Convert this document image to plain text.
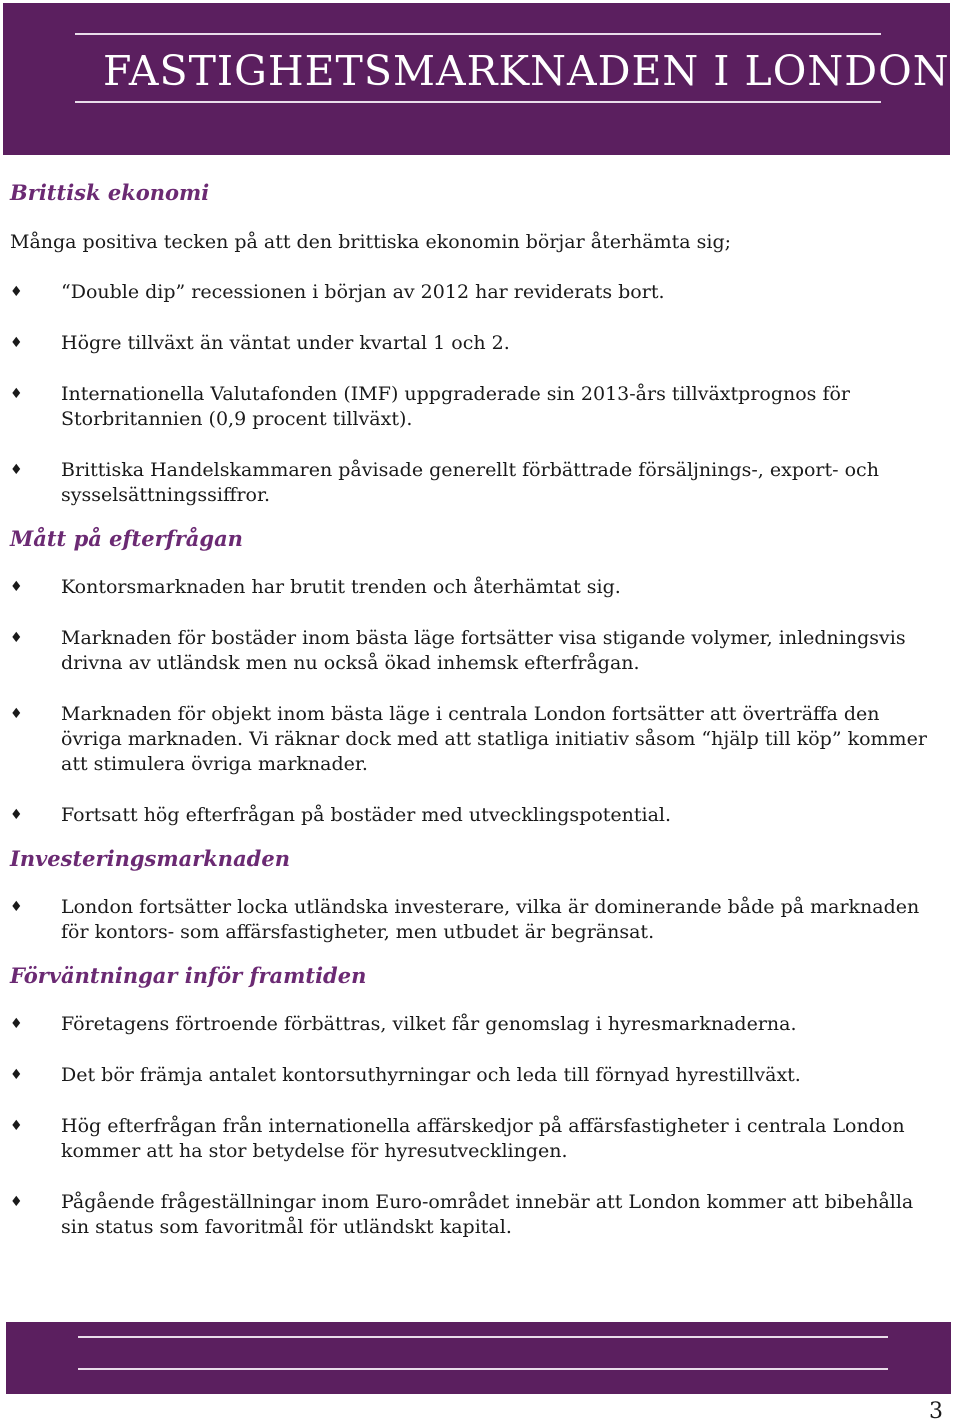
FASTIGHETSMARKNADEN I LONDON
Brittisk ekonomi

Många positiva tecken på att den brittiska ekonomin börjar återhämta sig;

♦ “Double dip” recessionen i början av 2012 har reviderats bort.
♦ Högre tillväxt än väntat under kvartal 1 och 2.
♦ Internationella Valutafonden (IMF) uppgraderade sin 2013-års tillväxtprognos för Storbritannien (0,9 procent tillväxt).
♦ Brittiska Handelskammaren påvisade generellt förbättrade försäljnings-, export- och sysselsättningssiffror.
Mått på efterfrågan
♦ Kontorsmarknaden har brutit trenden och återhämtat sig.
♦ Marknaden för bostäder inom bästa läge fortsätter visa stigande volymer, inledningsvis drivna av utländsk men nu också ökad inhemsk efterfrågan.
♦ Marknaden för objekt inom bästa läge i centrala London fortsätter att överträffa den övriga marknaden. Vi räknar dock med att statliga initiativ såsom “hjälp till köp” kommer att stimulera övriga marknader.
♦ Fortsatt hög efterfrågan på bostäder med utvecklingspotential.
Investeringsmarknaden
♦ London fortsätter locka utländska investerare, vilka är dominerande både på marknaden för kontors- som affärsfastigheter, men utbudet är begränsat.
Förväntningar inför framtiden
♦ Företagens förtroende förbättras, vilket får genomslag i hyresmarknaderna.
♦ Det bör främja antalet kontorsuthyrningar och leda till förnyad hyrestillväxt.
♦ Hög efterfrågan från internationella affärskedjor på affärsfastigheter i centrala London kommer att ha stor betydelse för hyresutvecklingen.
♦ Pågående frågeställningar inom Euro-området innebär att London kommer att bibehålla sin status som favoritmål för utländskt kapital.
3
